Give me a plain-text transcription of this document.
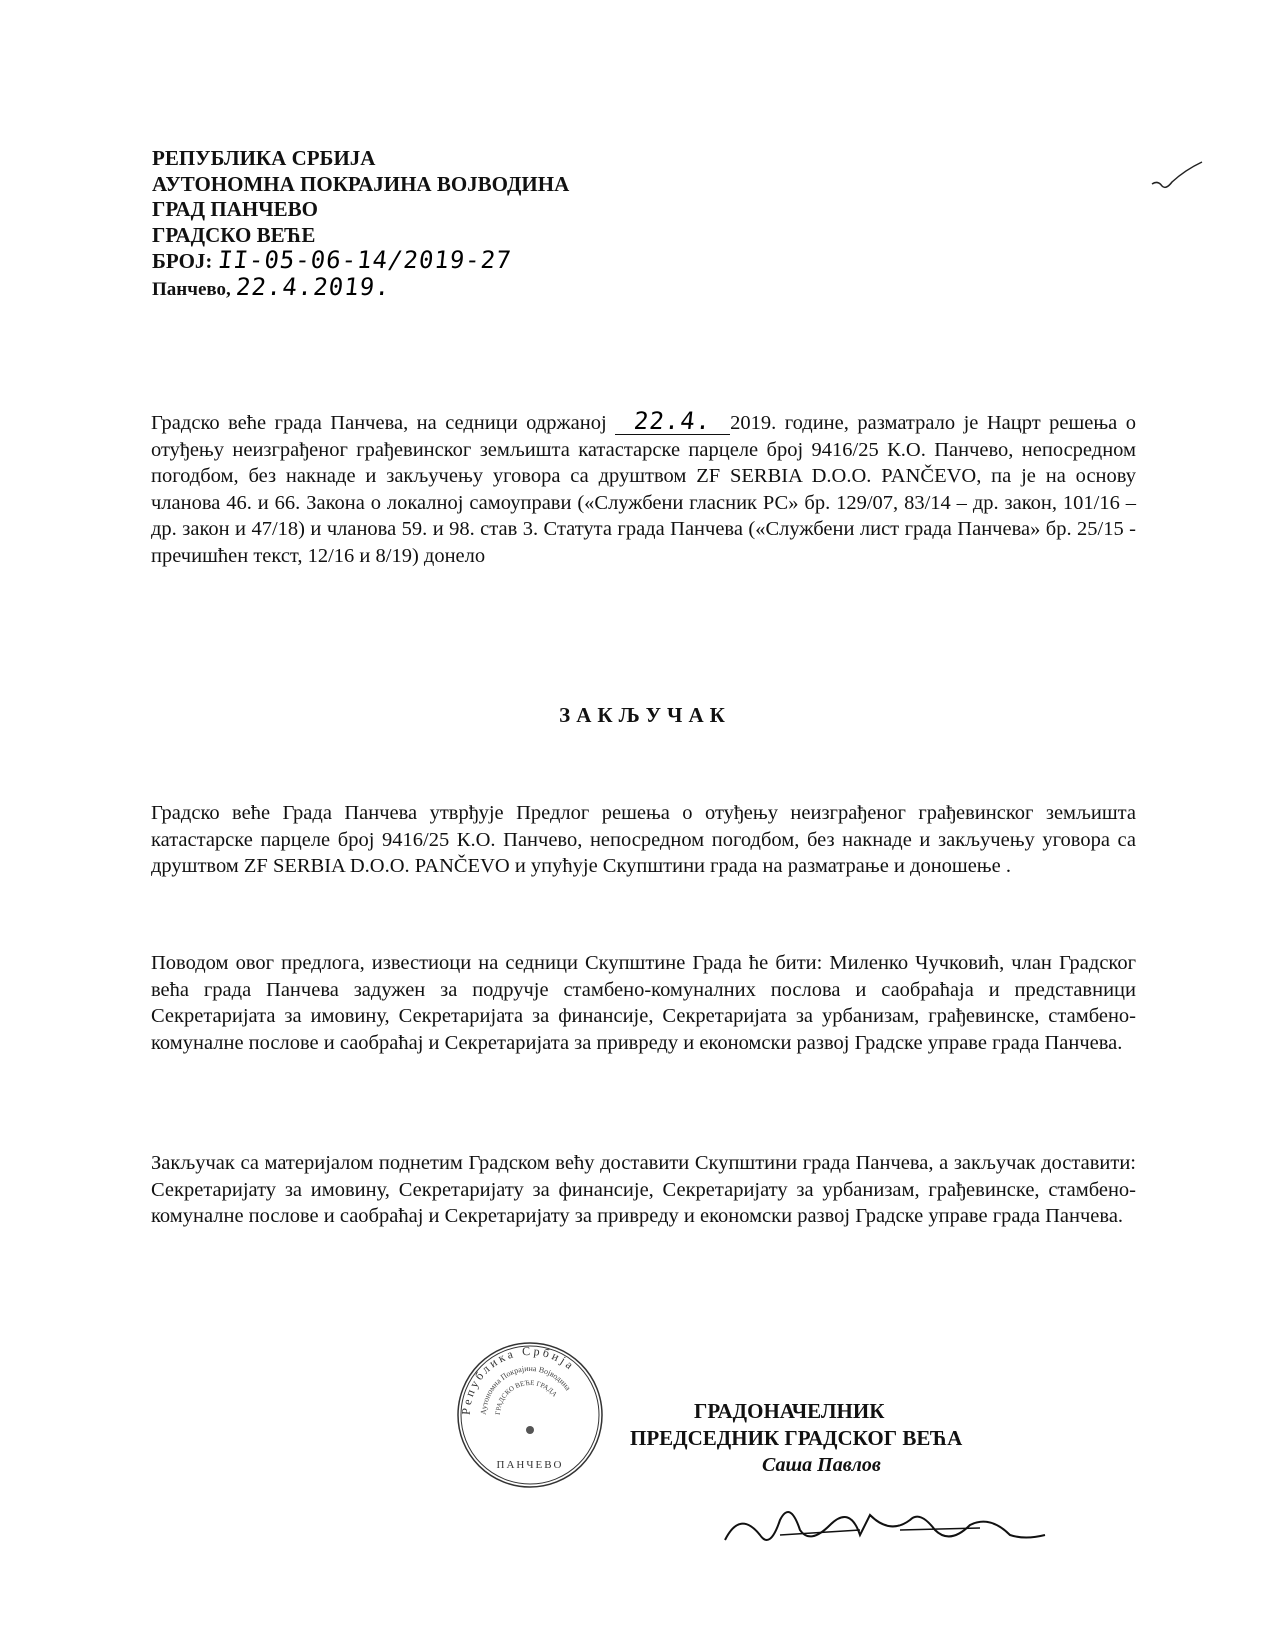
РЕПУБЛИКА СРБИЈА
АУТОНОМНА ПОКРАЈИНА ВОЈВОДИНА
ГРАД ПАНЧЕВО
ГРАДСКО ВЕЋЕ
БРОЈ: II-05-06-14/2019-27
Панчево, 22.4.2019.
Градско веће града Панчева, на седници одржаној 22.4. 2019. године, разматрало је Нацрт решења о отуђењу неизграђеног грађевинског земљишта катастарске парцеле број 9416/25 К.О. Панчево, непосредном погодбом, без накнаде и закључењу уговора са друштвом ZF SERBIA D.O.O. PANČEVO, па је на основу чланова 46. и 66. Закона о локалној самоуправи («Службени гласник РС» бр. 129/07, 83/14 – др. закон, 101/16 – др. закон и 47/18) и чланова 59. и 98. став 3. Статута града Панчева («Службени лист града Панчева» бр. 25/15 - пречишћен текст, 12/16 и 8/19) донело
ЗАКЉУЧАК
Градско веће Града Панчева утврђује Предлог решења о отуђењу неизграђеног грађевинског земљишта катастарске парцеле број 9416/25 К.О. Панчево, непосредном погодбом, без накнаде и закључењу уговора са друштвом ZF SERBIA D.O.O. PANČEVO и упућује Скупштини града на разматрање и доношење .
Поводом овог предлога, известиоци на седници Скупштине Града ће бити: Миленко Чучковић, члан Градског већа града Панчева задужен за подручје стамбено-комуналних послова и саобраћаја и представници Секретаријата за имовину, Секретаријата за финансије, Секретаријата за урбанизам, грађевинске, стамбено-комуналне послове и саобраћај и Секретаријата за привреду и економски развој Градске управе града Панчева.
Закључак са материјалом поднетим Градском већу доставити Скупштини града Панчева, а закључак доставити: Секретаријату за имовину, Секретаријату за финансије, Секретаријату за урбанизам, грађевинске, стамбено-комуналне послове и саобраћај и Секретаријату за привреду и економски развој Градске управе града Панчева.
Република Србија
Аутономна Покрајина Војводина
ГРАДСКО ВЕЋЕ ГРАДА
ПАНЧЕВО
ГРАДОНАЧЕЛНИК
ПРЕДСЕДНИК ГРАДСКОГ ВЕЋА
Саша Павлов
